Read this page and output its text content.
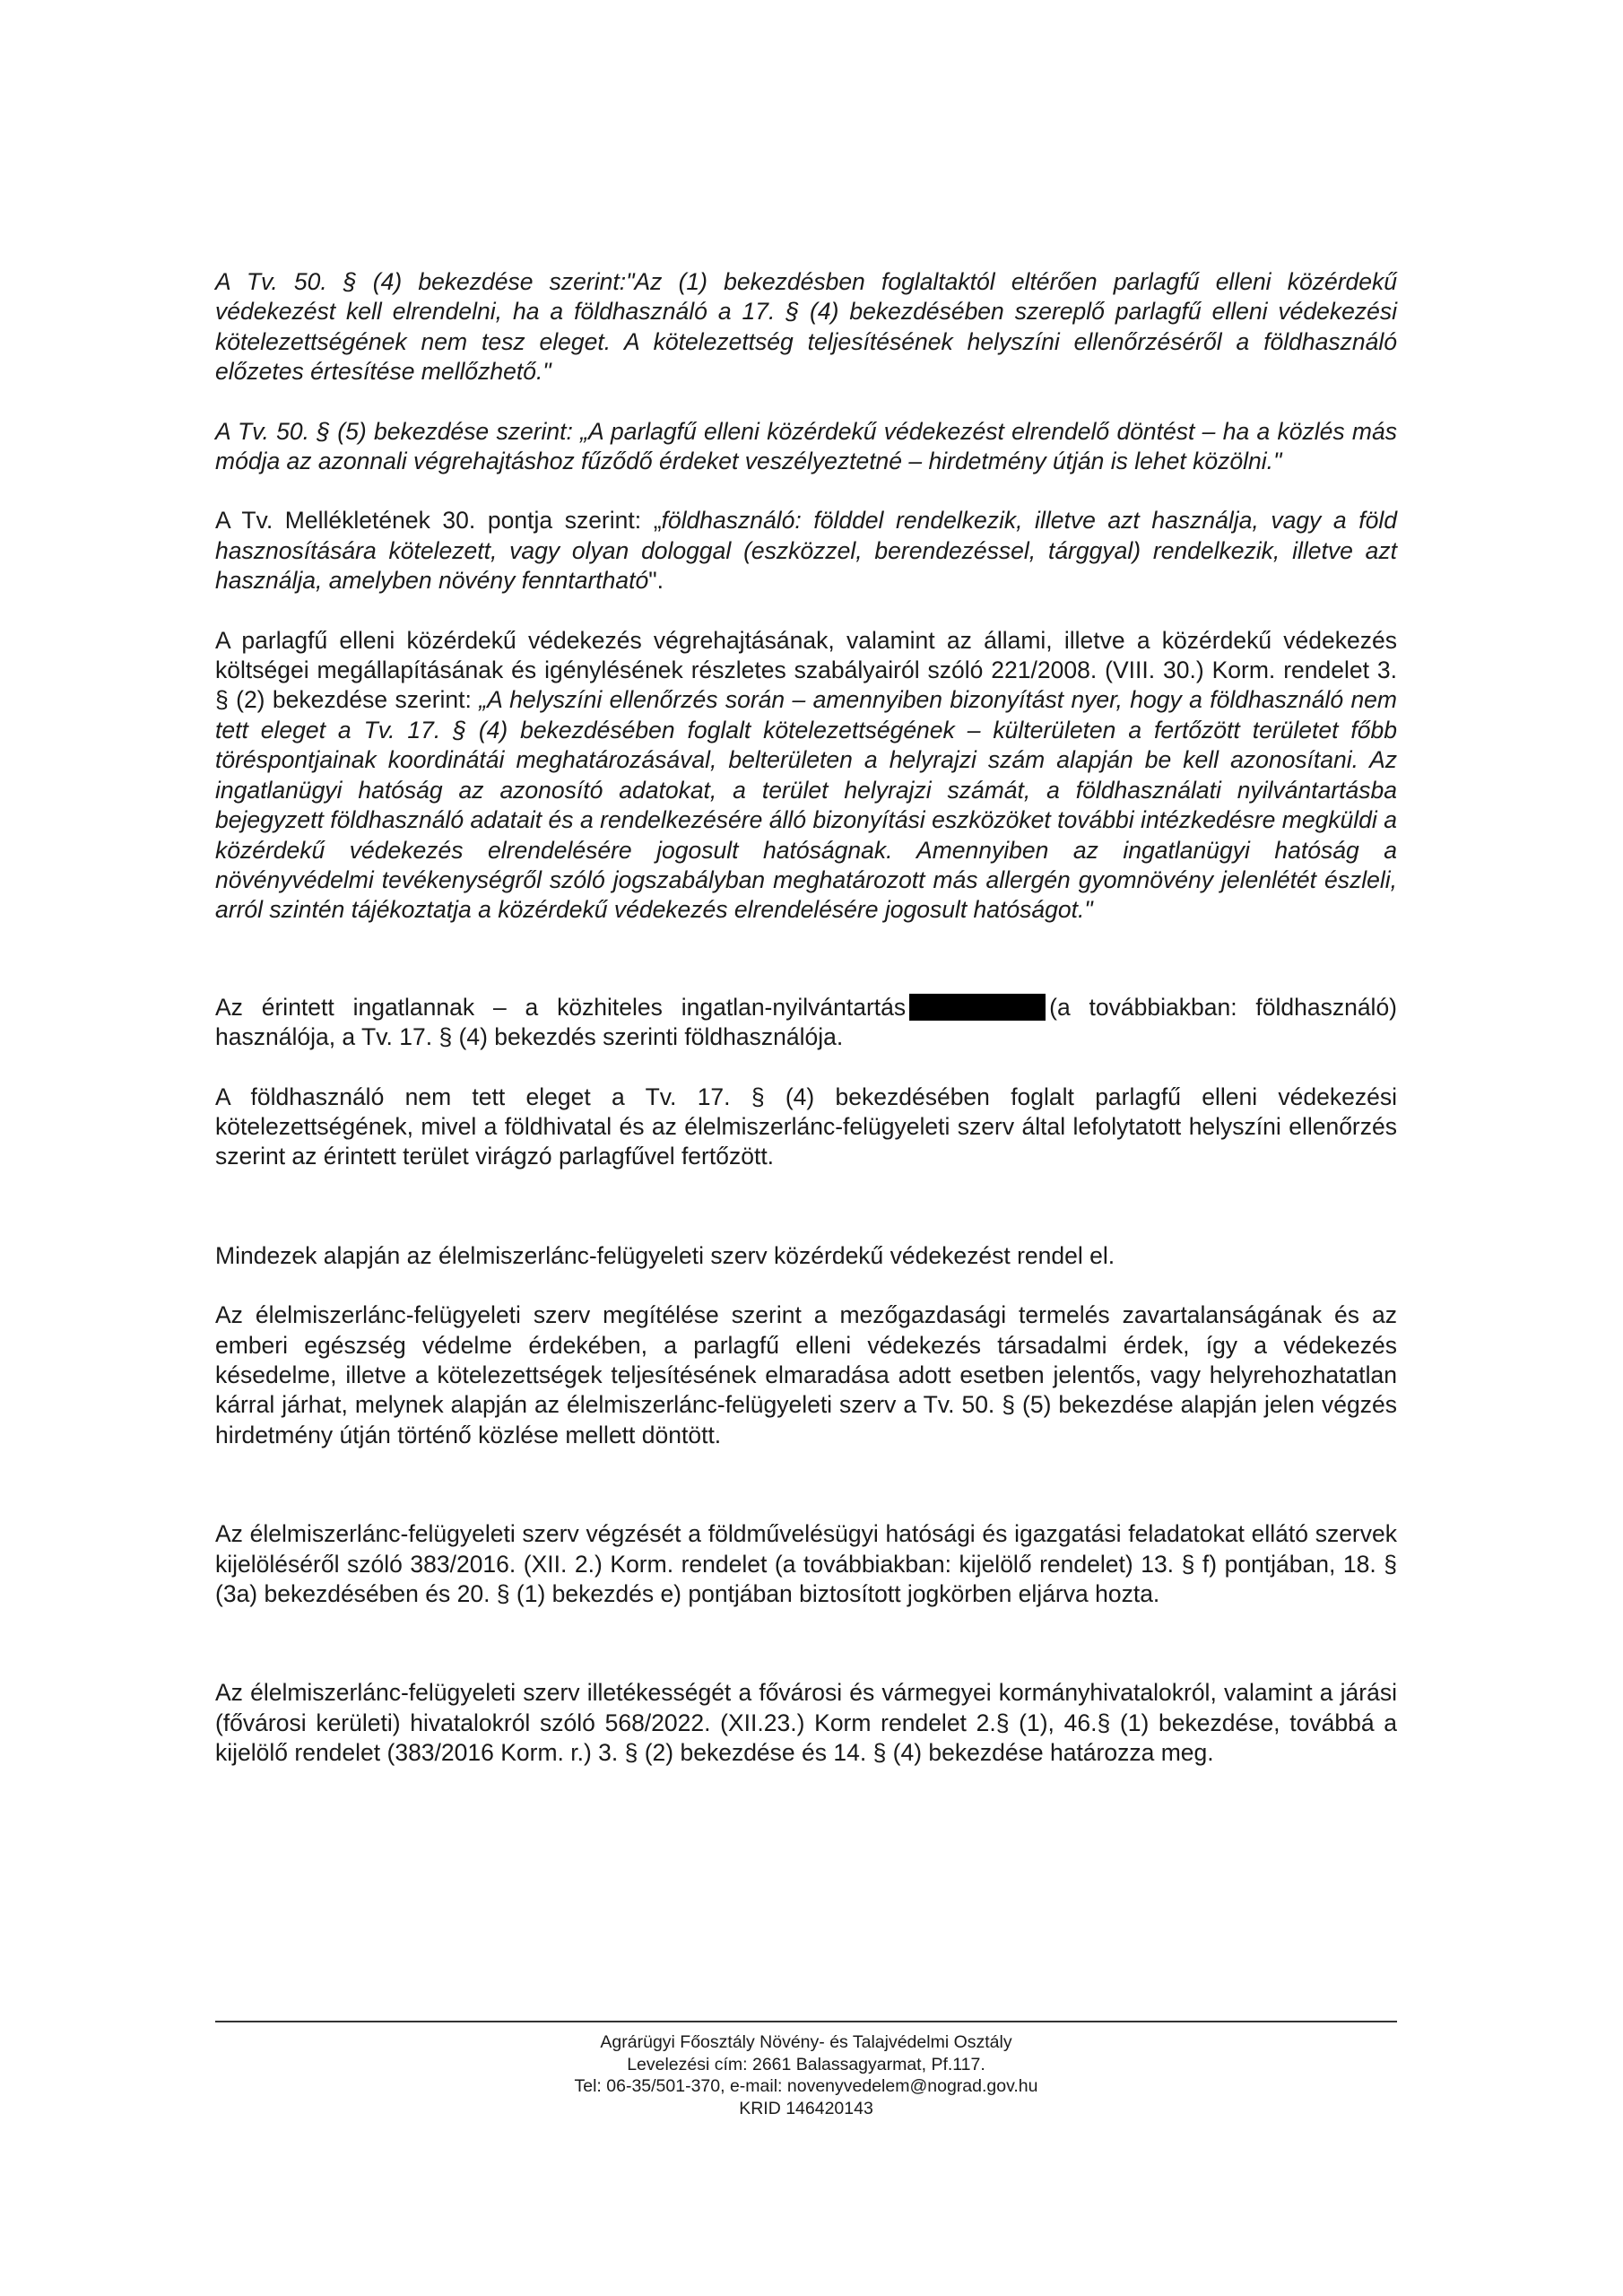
A Tv. 50. § (4) bekezdése szerint:"Az (1) bekezdésben foglaltaktól eltérően parlagfű elleni közérdekű védekezést kell elrendelni, ha a földhasználó a 17. § (4) bekezdésében szereplő parlagfű elleni védekezési kötelezettségének nem tesz eleget. A kötelezettség teljesítésének helyszíni ellenőrzéséről a földhasználó előzetes értesítése mellőzhető."

A Tv. 50. § (5) bekezdése szerint: „A parlagfű elleni közérdekű védekezést elrendelő döntést – ha a közlés más módja az azonnali végrehajtáshoz fűződő érdeket veszélyeztetné – hirdetmény útján is lehet közölni."

A Tv. Mellékletének 30. pontja szerint: „földhasználó: földdel rendelkezik, illetve azt használja, vagy a föld hasznosítására kötelezett, vagy olyan dologgal (eszközzel, berendezéssel, tárggyal) rendelkezik, illetve azt használja, amelyben növény fenntartható".

A parlagfű elleni közérdekű védekezés végrehajtásának, valamint az állami, illetve a közérdekű védekezés költségei megállapításának és igénylésének részletes szabályairól szóló 221/2008. (VIII. 30.) Korm. rendelet 3. § (2) bekezdése szerint: „A helyszíni ellenőrzés során – amennyiben bizonyítást nyer, hogy a földhasználó nem tett eleget a Tv. 17. § (4) bekezdésében foglalt kötelezettségének – külterületen a fertőzött területet főbb töréspontjainak koordinátái meghatározásával, belterületen a helyrajzi szám alapján be kell azonosítani. Az ingatlanügyi hatóság az azonosító adatokat, a terület helyrajzi számát, a földhasználati nyilvántartásba bejegyzett földhasználó adatait és a rendelkezésére álló bizonyítási eszközöket további intézkedésre megküldi a közérdekű védekezés elrendelésére jogosult hatóságnak. Amennyiben az ingatlanügyi hatóság a növényvédelmi tevékenységről szóló jogszabályban meghatározott más allergén gyomnövény jelenlétét észleli, arról szintén tájékoztatja a közérdekű védekezés elrendelésére jogosult hatóságot."

Az érintett ingatlannak – a közhiteles ingatlan-nyilvántartás	(a továbbiakban: földhasználó) használója, a Tv. 17. § (4) bekezdés szerinti földhasználója.

A földhasználó nem tett eleget a Tv. 17. § (4) bekezdésében foglalt parlagfű elleni védekezési kötelezettségének, mivel a földhivatal és az élelmiszerlánc-felügyeleti szerv által lefolytatott helyszíni ellenőrzés szerint az érintett terület virágzó parlagfűvel fertőzött.

Mindezek alapján az élelmiszerlánc-felügyeleti szerv közérdekű védekezést rendel el.

Az élelmiszerlánc-felügyeleti szerv megítélése szerint a mezőgazdasági termelés zavartalanságának és az emberi egészség védelme érdekében, a parlagfű elleni védekezés társadalmi érdek, így a védekezés késedelme, illetve a kötelezettségek teljesítésének elmaradása adott esetben jelentős, vagy helyrehozhatatlan kárral járhat, melynek alapján az élelmiszerlánc-felügyeleti szerv a Tv. 50. § (5) bekezdése alapján jelen végzés hirdetmény útján történő közlése mellett döntött.

Az élelmiszerlánc-felügyeleti szerv végzését a földművelésügyi hatósági és igazgatási feladatokat ellátó szervek kijelöléséről szóló 383/2016. (XII. 2.) Korm. rendelet (a továbbiakban: kijelölő rendelet) 13. § f) pontjában, 18. § (3a) bekezdésében és 20. § (1) bekezdés e) pontjában biztosított jogkörben eljárva hozta.

Az élelmiszerlánc-felügyeleti szerv illetékességét a fővárosi és vármegyei kormányhivatalokról, valamint a járási (fővárosi kerületi) hivatalokról szóló 568/2022. (XII.23.) Korm rendelet 2.§ (1), 46.§ (1) bekezdése, továbbá a kijelölő rendelet (383/2016 Korm. r.) 3. § (2) bekezdése és 14. § (4) bekezdése határozza meg.

Agrárügyi Főosztály Növény- és Talajvédelmi Osztály
Levelezési cím: 2661 Balassagyarmat, Pf.117.
Tel: 06-35/501-370, e-mail: novenyvedelem@nograd.gov.hu
KRID 146420143
